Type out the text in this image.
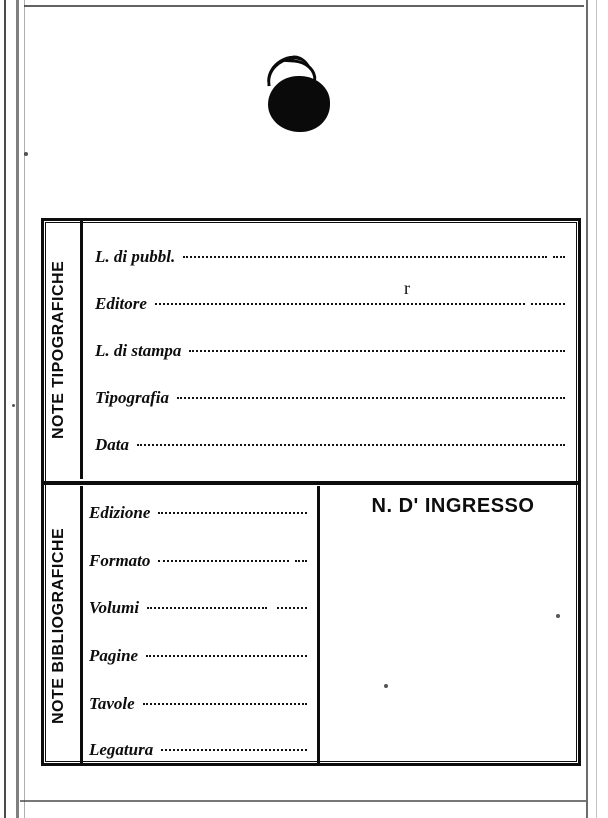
NOTE TIPOGRAFICHE
NOTE BIBLIOGRAFICHE
L. di pubbl.
Editore
L. di stampa
Tipografia
Data
r
Edizione
Formato
Volumi
Pagine
Tavole
Legatura
N. D' INGRESSO
